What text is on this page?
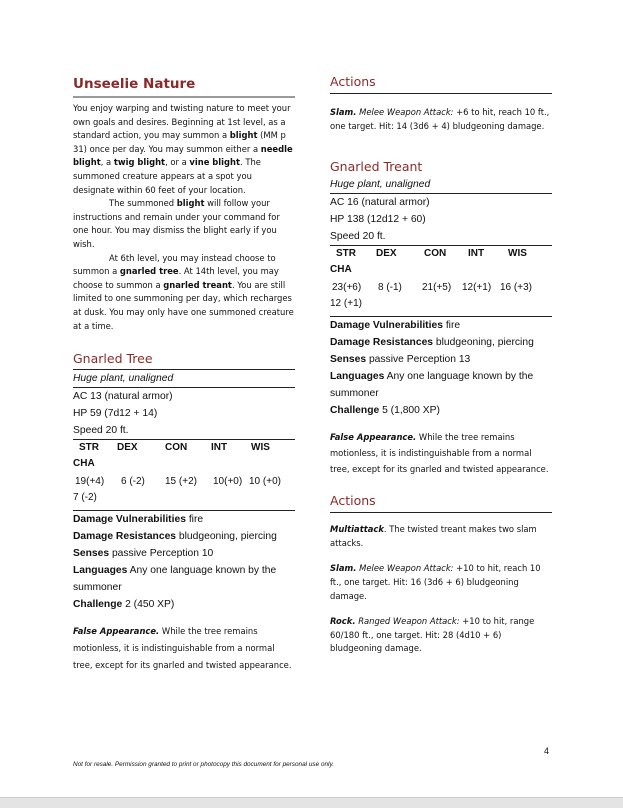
Unseelie Nature

You enjoy warping and twisting nature to meet your own goals and desires. Beginning at 1st level, as a standard action, you may summon a blight (MM p 31) once per day. You may summon either a needle blight, a twig blight, or a vine blight. The summoned creature appears at a spot you designate within 60 feet of your location.

The summoned blight will follow your instructions and remain under your command for one hour. You may dismiss the blight early if you wish.

At 6th level, you may instead choose to summon a gnarled tree. At 14th level, you may choose to summon a gnarled treant. You are still limited to one summoning per day, which recharges at dusk. You may only have one summoned creature at a time.

Gnarled Tree

Huge plant, unaligned

AC 13 (natural armor)

HP 59 (7d12 + 14)

Speed 20 ft.

STR DEX	CON INT WIS
CHA
19(+4) 6 (-2) 15 (+2) 10(+0) 10 (+0)
7 (-2)

Damage Vulnerabilities fire

Damage Resistances bludgeoning, piercing

Senses passive Perception 10

Languages Any one language known by the summoner

Challenge 2 (450 XP)

False Appearance. While the tree remains motionless, it is indistinguishable from a normal tree, except for its gnarled and twisted appearance.

Actions

Slam. Melee Weapon Attack: +6 to hit, reach 10 ft., one target. Hit: 14 (3d6 + 4) bludgeoning damage.

Gnarled Treant

Huge plant, unaligned

AC 16 (natural armor)

HP 138 (12d12 + 60)

Speed 20 ft.

STR DEX	CON INT WIS
CHA
23(+6) 8 (-1) 21(+5) 12(+1) 16 (+3)
12 (+1)

Damage Vulnerabilities fire

Damage Resistances bludgeoning, piercing

Senses passive Perception 13

Languages Any one language known by the summoner

Challenge 5 (1,800 XP)

False Appearance. While the tree remains motionless, it is indistinguishable from a normal tree, except for its gnarled and twisted appearance.

Actions

Multiattack. The twisted treant makes two slam attacks.

Slam. Melee Weapon Attack: +10 to hit, reach 10 ft., one target. Hit: 16 (3d6 + 6) bludgeoning damage.

Rock. Ranged Weapon Attack: +10 to hit, range 60/180 ft., one target. Hit: 28 (4d10 + 6) bludgeoning damage.

4
Not for resale. Permission granted to print or photocopy this document for personal use only.
